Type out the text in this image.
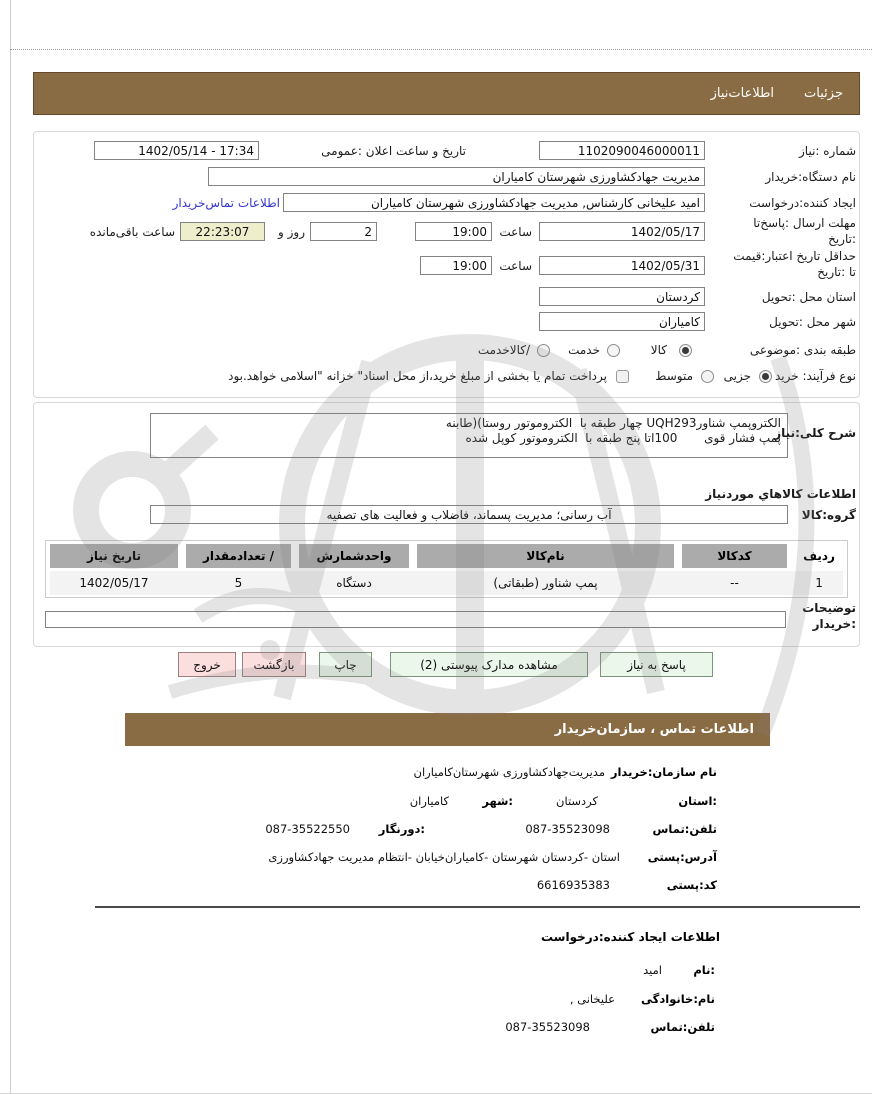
جزئیات
اطلاعات‌نیاز
شماره :نیاز
1102090046000011
تاریخ و ساعت اعلان :عمومی
1402/05/14 - 17:34
نام دستگاه:خریدار
مدیریت جهادکشاورزی شهرستان کامیاران
ایجاد کننده:درخواست
امید علیخانی کارشناس, مدیریت جهادکشاورزی شهرستان کامیاران
اطلاعات تماس‌خریدار
مهلت ارسال :پاسخ‌تا
:تاریخ
1402/05/17
ساعت
19:00
2
روز و
22:23:07
ساعت باقی‌مانده
حداقل تاریخ اعتبار:قیمت
تا :تاریخ
1402/05/31
ساعت
19:00
استان محل :تحویل
کردستان
شهر محل :تحویل
کامیاران
طبقه بندی :موضوعی
کالا
خدمت
/کالاخدمت
نوع فرآیند: خرید
جزیی
متوسط
پرداخت تمام یا بخشی از مبلغ خرید،از محل اسناد" خزانه "اسلامی خواهد.بود
الکتروپمپ شناورUQH293 چهار طبقه با  الکتروموتور روستا)(طابنه
پمپ فشار قوی       100اتا پنج طبقه با  الکتروموتور کوپل شده
شرح کلی:نیاز
اطلاعات کالاهاي موردنیاز
گروه:کالا
آب رسانی؛ مدیریت پسماند، فاضلاب و فعالیت های تصفیه
ردیف
کدکالا
نام‌کالا
واحدشمارش
/ تعدادمقدار
تاریخ نیاز
1
--
پمپ شناور (طبقاتی)
دستگاه
5
1402/05/17
توضیحات
:خریدار
پاسخ به نیاز
مشاهده مدارک پیوستی (2)
چاپ
بازگشت
خروج
اطلاعات تماس ، سازمان‌خریدار
نام سازمان:خریدار
مدیریت‌جهادکشاورزی شهرستان‌کامیاران
:استان
کردستان
:شهر
کامیاران
تلفن:تماس
087-35523098
:دورنگار
087-35522550
آدرس:پستی
استان -کردستان شهرستان -کامیاران‌خیابان -انتظام مدیریت جهادکشاورزی
کد:پستی
6616935383
اطلاعات ایجاد کننده:درخواست
:نام
امید
نام:خانوادگی
علیخانی ,
تلفن:تماس
087-35523098
